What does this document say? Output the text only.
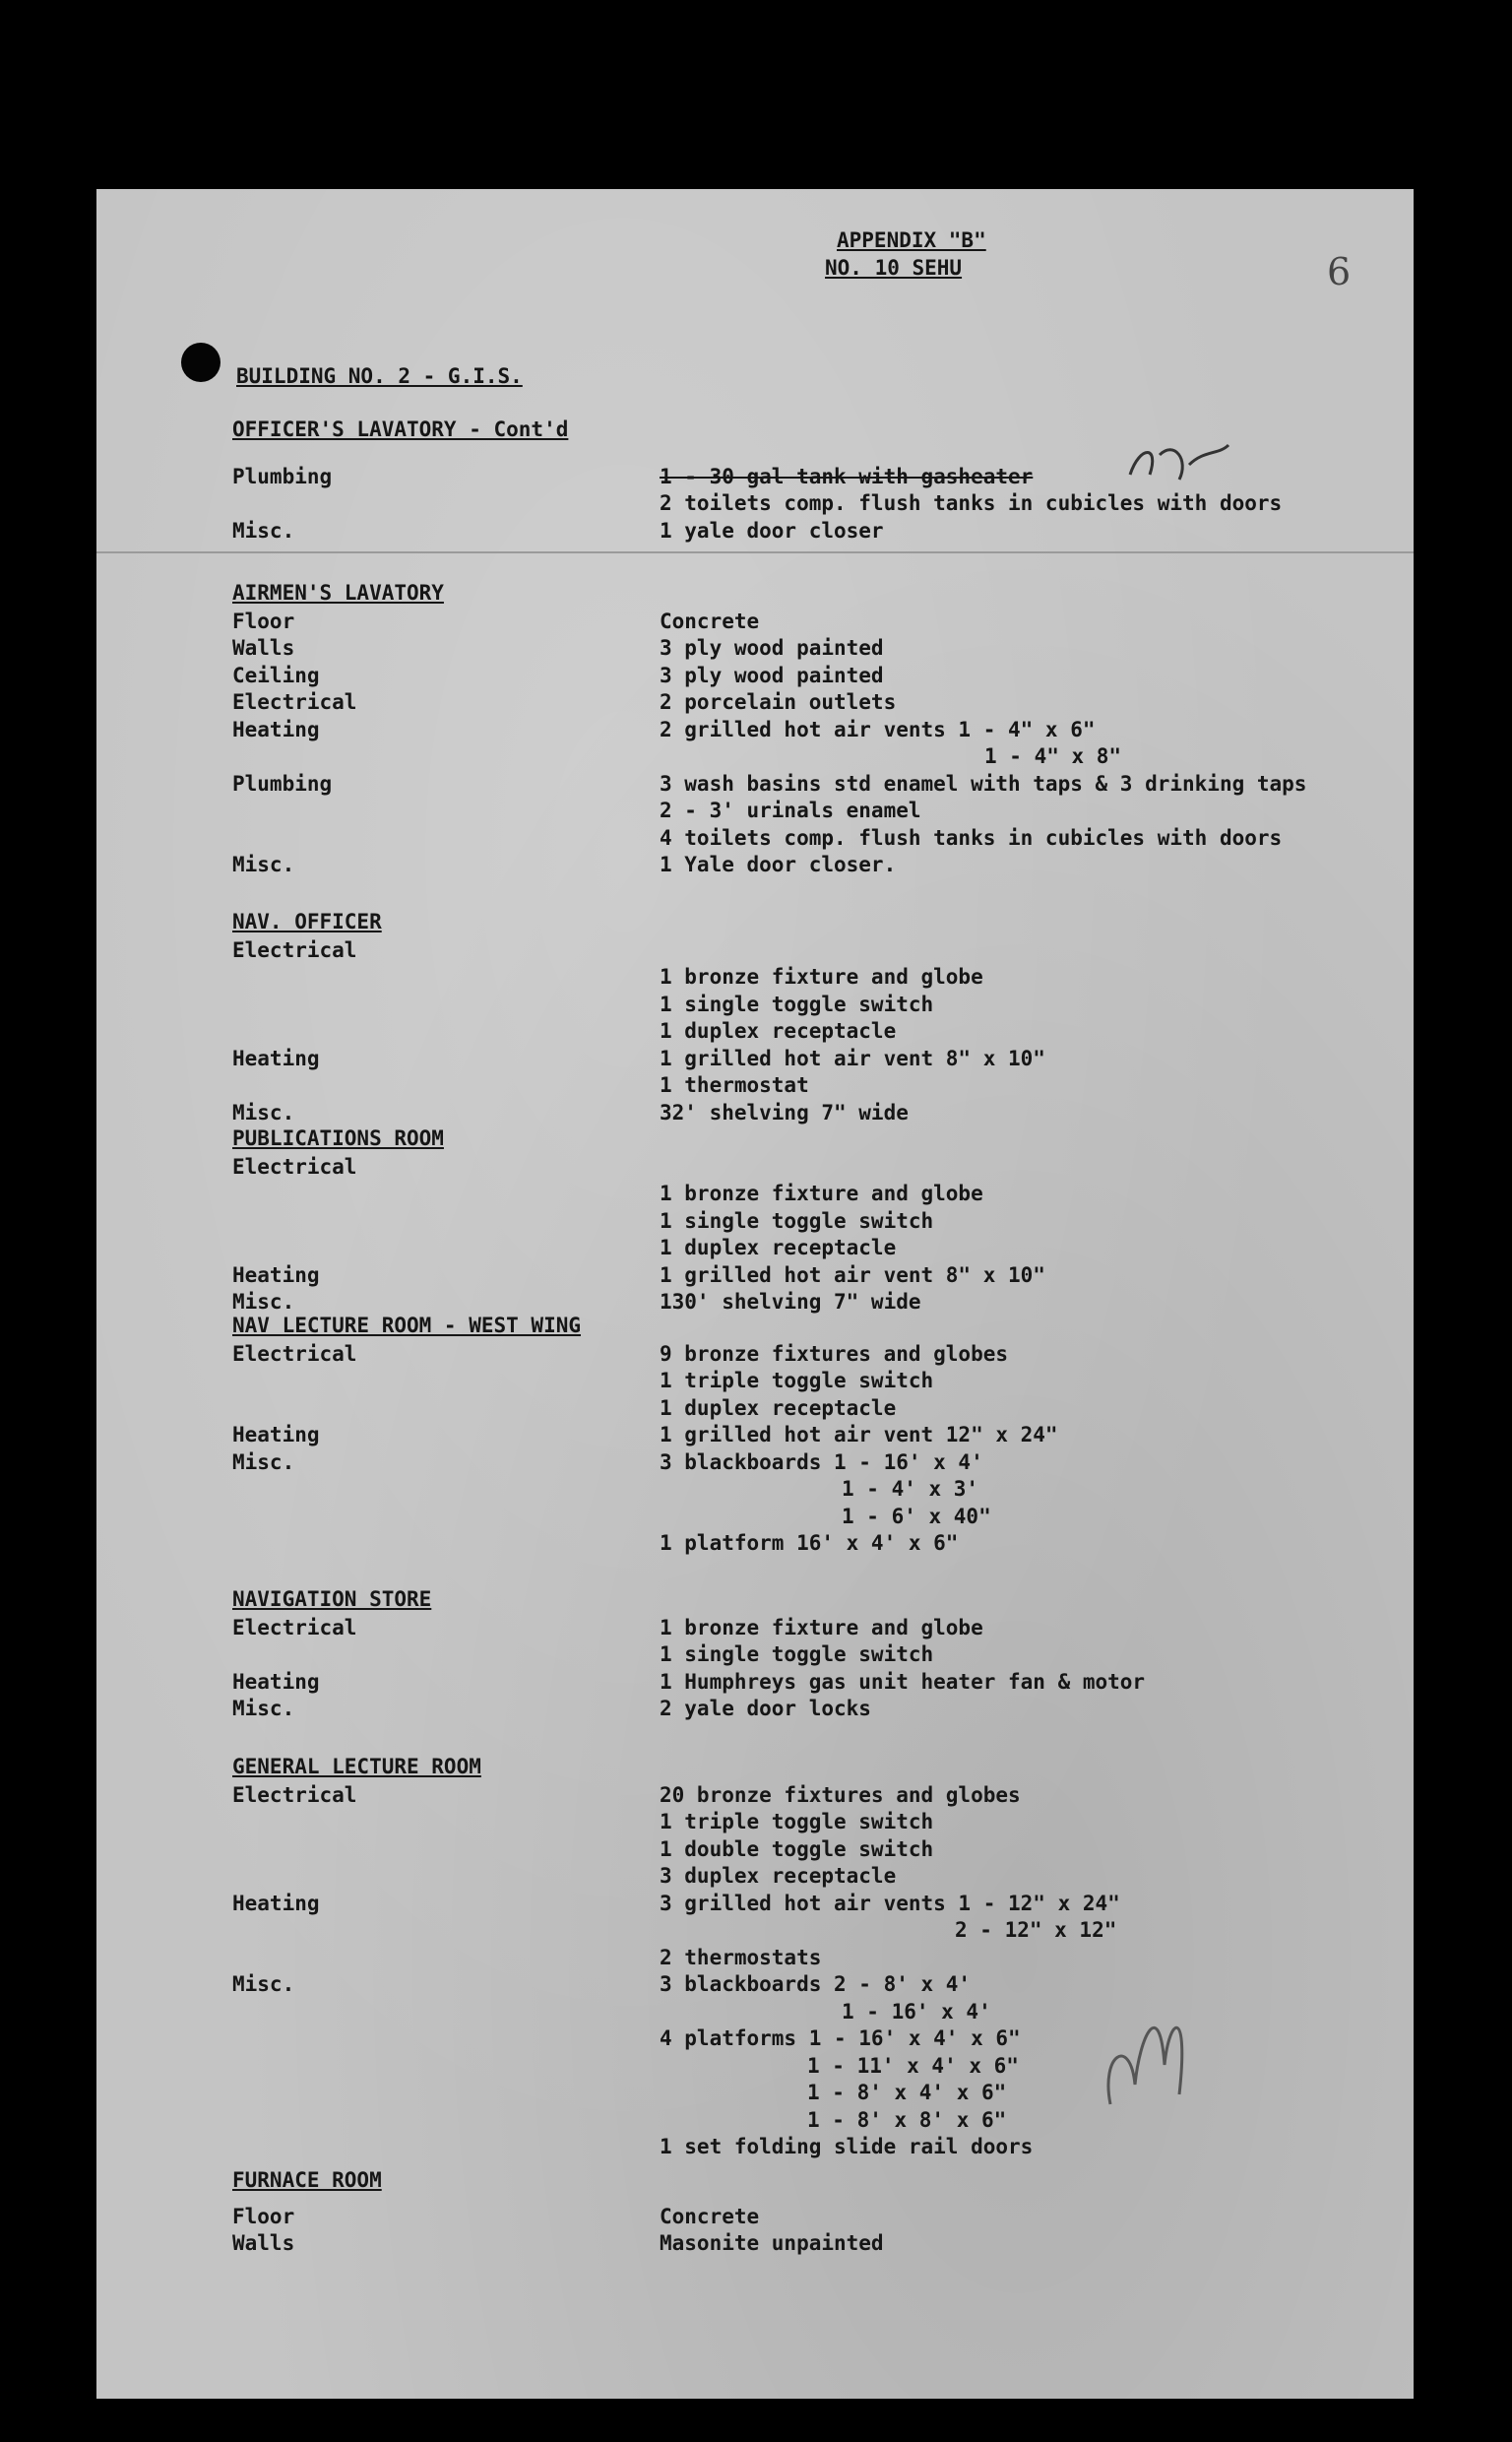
6
APPENDIX "B"
NO. 10 SEHU
BUILDING NO. 2 - G.I.S.
OFFICER'S LAVATORY - Cont'd
Plumbing	1 - 30 gal tank with gasheater
2 toilets comp. flush tanks in cubicles with doors
Misc.	1 yale door closer
AIRMEN'S LAVATORY
Floor	Concrete
Walls	3 ply wood painted
Ceiling	3 ply wood painted
Electrical	2 porcelain outlets
Heating	2 grilled hot air vents 1 - 4" x 6"
1 - 4" x 8"
Plumbing	3 wash basins std enamel with taps & 3 drinking taps
2 - 3' urinals enamel
4 toilets comp. flush tanks in cubicles with doors
Misc.	1 Yale door closer.
NAV. OFFICER
Electrical
1 bronze fixture and globe
1 single toggle switch
1 duplex receptacle
Heating	1 grilled hot air vent 8" x 10"
1 thermostat
Misc.	32' shelving 7" wide
PUBLICATIONS ROOM
Electrical
1 bronze fixture and globe
1 single toggle switch
1 duplex receptacle
Heating	1 grilled hot air vent 8" x 10"
Misc.	130' shelving 7" wide
NAV LECTURE ROOM - WEST WING
Electrical	9 bronze fixtures and globes
1 triple toggle switch
1 duplex receptacle
Heating	1 grilled hot air vent 12" x 24"
Misc.	3 blackboards 1 - 16' x 4'
1 - 4' x 3'
1 - 6' x 40"
1 platform 16' x 4' x 6"
NAVIGATION STORE
Electrical	1 bronze fixture and globe
1 single toggle switch
Heating	1 Humphreys gas unit heater fan & motor
Misc.	2 yale door locks
GENERAL LECTURE ROOM
Electrical	20 bronze fixtures and globes
1 triple toggle switch
1 double toggle switch
3 duplex receptacle
Heating	3 grilled hot air vents 1 - 12" x 24"
2 - 12" x 12"
2 thermostats
Misc.	3 blackboards 2 - 8' x 4'
1 - 16' x 4'
4 platforms 1 - 16' x 4' x 6"
1 - 11' x 4' x 6"
1 - 8' x 4' x 6"
1 - 8' x 8' x 6"
1 set folding slide rail doors
FURNACE ROOM
Floor	Concrete
Walls	Masonite unpainted
